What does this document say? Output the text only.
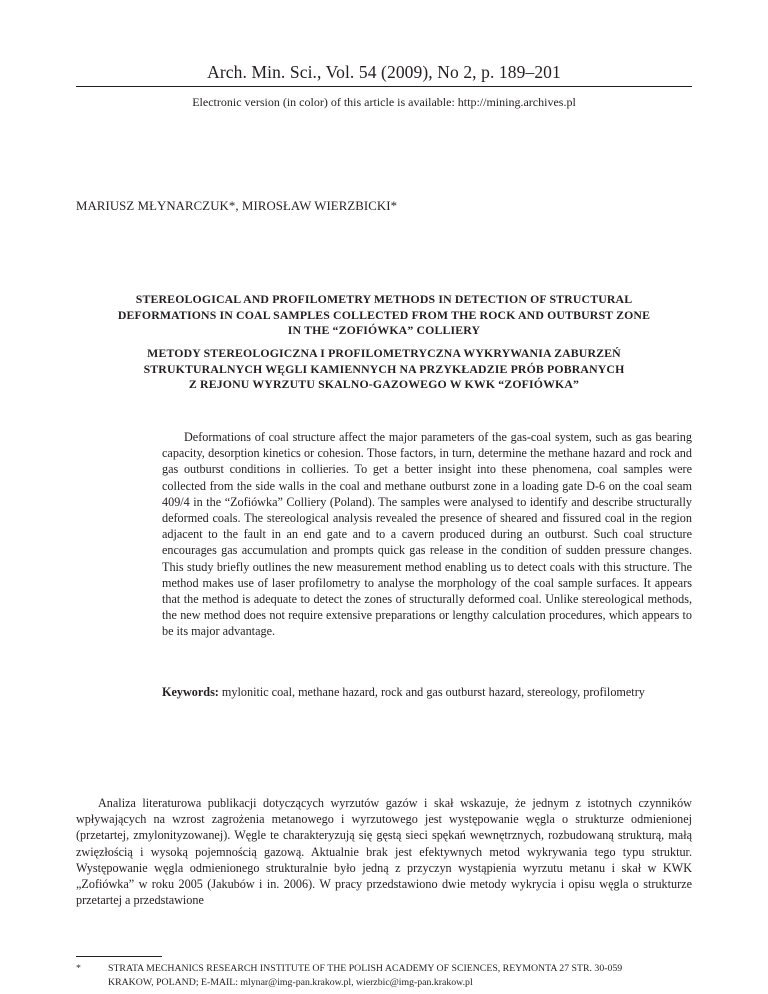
Arch. Min. Sci., Vol. 54 (2009), No 2, p. 189–201
Electronic version (in color) of this article is available: http://mining.archives.pl
MARIUSZ MŁYNARCZUK*, MIROSŁAW WIERZBICKI*
STEREOLOGICAL AND PROFILOMETRY METHODS IN DETECTION OF STRUCTURAL
DEFORMATIONS IN COAL SAMPLES COLLECTED FROM THE ROCK AND OUTBURST ZONE
IN THE “ZOFIÓWKA” COLLIERY
METODY STEREOLOGICZNA I PROFILOMETRYCZNA WYKRYWANIA ZABURZEŃ
STRUKTURALNYCH WĘGLI KAMIENNYCH NA PRZYKŁADZIE PRÓB POBRANYCH
Z REJONU WYRZUTU SKALNO-GAZOWEGO W KWK “ZOFIÓWKA”

Deformations of coal structure affect the major parameters of the gas-coal system, such as gas bearing capacity, desorption kinetics or cohesion. Those factors, in turn, determine the methane hazard and rock and gas outburst conditions in collieries. To get a better insight into these phenomena, coal samples were collected from the side walls in the coal and methane outburst zone in a loading gate D-6 on the coal seam 409/4 in the “Zofiówka” Colliery (Poland). The samples were analysed to identify and describe structurally deformed coals. The stereological analysis revealed the presence of sheared and fissured coal in the region adjacent to the fault in an end gate and to a cavern produced during an outburst. Such coal structure encourages gas accumulation and prompts quick gas release in the condition of sudden pressure changes. This study briefly outlines the new measurement method enabling us to detect coals with this structure. The method makes use of laser profilometry to analyse the morphology of the coal sample surfaces. It appears that the method is adequate to detect the zones of structurally deformed coal. Unlike stereological methods, the new method does not require extensive preparations or lengthy calculation procedures, which appears to be its major advantage.

Keywords: mylonitic coal, methane hazard, rock and gas outburst hazard, stereology, profilometry

Analiza literaturowa publikacji dotyczących wyrzutów gazów i skał wskazuje, że jednym z istotnych czynników wpływających na wzrost zagrożenia metanowego i wyrzutowego jest występowanie węgla o strukturze odmienionej (przetartej, zmylonityzowanej). Węgle te charakteryzują się gęstą sieci spękań wewnętrznych, rozbudowaną strukturą, małą zwięzłością i wysoką pojemnością gazową. Aktualnie brak jest efektywnych metod wykrywania tego typu struktur. Występowanie węgla odmienionego strukturalnie było jedną z przyczyn wystąpienia wyrzutu metanu i skał w KWK „Zofiówka” w roku 2005 (Jakubów i in. 2006). W pracy przedstawiono dwie metody wykrycia i opisu węgla o strukturze przetartej a przedstawione

*	STRATA MECHANICS RESEARCH INSTITUTE OF THE POLISH ACADEMY OF SCIENCES, REYMONTA 27 STR. 30-059
KRAKOW, POLAND; E-MAIL: mlynar@img-pan.krakow.pl, wierzbic@img-pan.krakow.pl
